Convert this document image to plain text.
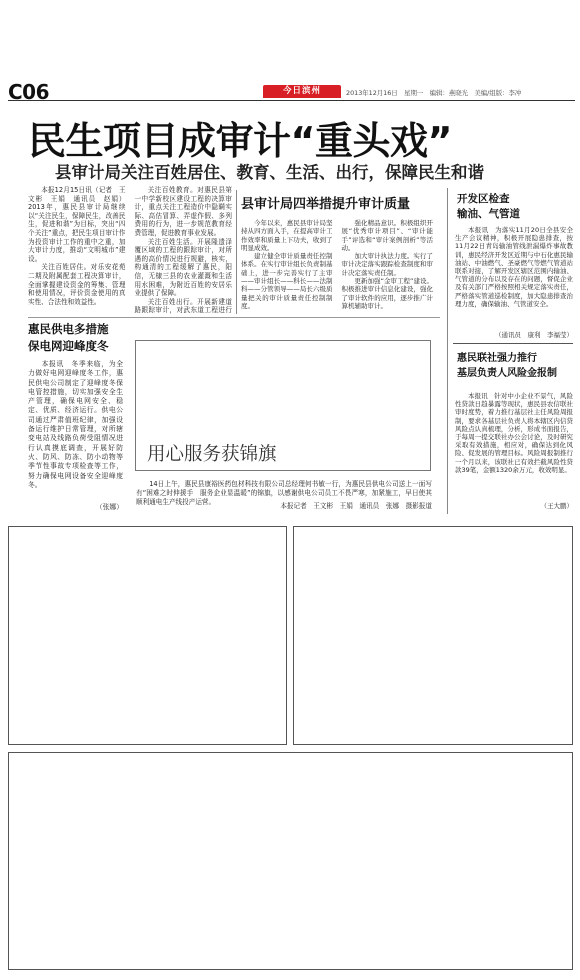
C06	今日滨州	2013年12月16日　星期一　编辑：燕晓光　美编/组版：李冲
民生项目成审计“重头戏”
县审计局关注百姓居住、教育、生活、出行，保障民生和谐

本报12月15日讯（记者　王文彬　王娟　通讯员　赵娟）2013年，惠民县审计局继续以“关注民生，保障民生，改善民生，促进和谐”为目标，突出“四个关注”重点，把民生项目审计作为投资审计工作的重中之重，加大审计力度，推动“文明城市”建设。

关注百姓居住。对乐安花苑二期及附属配套工程决算审计，全面掌握建设资金的筹集、管理和使用情况，评价资金使用的真实性、合法性和效益性。

关注百姓教育。对惠民县第一中学新校区建设工程的决算审计，重点关注工程造价中隐瞒实际、高估冒算、弄虚作假、多列费用的行为，进一步规范教育经费管理，促进教育事业发展。

关注百姓生活。开展隆遗泽覆区域的工程的跟踪审计，对所遇的高价情况进行规避，核实，构通清的工程缓解了惠民，阳信，无棣三县的农业灌溉和生活用水困难，为附近百姓的安居乐业提供了保障。

关注百姓出行。开展新建道路跟踪审计，对武东道工程进行

县审计局四举措提升审计质量

今年以来，惠民县审计局坚持从四方面入手，在提高审计工作效率和质量上下功夫，收到了明显成效。

建立健全审计质量责任控制体系。在实行审计组长负责制基础上，进一步完善实行了主审——审计组长——科长——法制科——分管领导——局长六级质量把关的审计质量责任控制制度。

强化精品意识。积极组织开展“优秀审计项目”、“审计能手”评选和“审计案例剖析”等活动。

加大审计执法力度。实行了审计决定落实跟踪检查制度和审计决定落实责任制。

更新加强“金审工程”建设。积极推进审计信息化建设，强化了审计软件的应用，逐步推广计算机辅助审计。

开发区检查
输油、气管道

本报讯　为落实11月20日全县安全生产会议精神，积极开展隐患排查，按11月22日青岛输油管线泄漏爆炸事故教训，惠民经济开发区近期与中石化惠民输油站、中油燃气、圣豪燃气等燃气管道站联系对接，了解开发区辖区范围内输油、气管道的分布以及存在的问题，督促企业及有关部门严格按照相关规定落实责任，严格落实管道巡检制度，加大隐患排查治理力度，确保输油、气管道安全。

（通讯员　康利　李福莹）
惠民联社强力推行
基层负责人风险金报制

本报讯　针对中小企业不景气，风险性贷款日趋暴露等现状，惠民县农信联社审时度势，着力推行基层社主任风险周报制，要求各基层社负责人将本辖区内信贷风险点认真梳理，分析，形成书面报告，于每周一提交联社办公会讨论，及时研究采取有效措施，相应对，确保达到化风险、促发展的管理目标。风险周报制推行一个月以来，该联社已有效拦截风险性贷款39笔，金额1320余万元，收效明显。

（王大鹏）
惠民供电多措施
保电网迎峰度冬

本报讯　冬季来临，为全力做好电网迎峰度冬工作，惠民供电公司制定了迎峰度冬保电管控措施，切实加强安全生产管理，确保电网安全、稳定、优质、经济运行。供电公司通过严肃值班纪律，加强设备运行维护日常管理，对所辖变电站及线路负荷受阻情况进行认真摸底调查，开展好防火、防风、防冻、防小动物等季节性事故专项检查等工作，努力确保电网设备安全迎峰度冬。

（张娜）
用心服务获锦旗

14日上午，惠民县康裕医药包材科技有限公司总经理何书敏一行，为惠民县供电公司送上一面写有“困难之时伸援手　服务企业显温暖”的锦旗，以感谢供电公司员工不畏严寒，加紧施工，早日使其顺利通电生产线投产运营。	本报记者　王文彬　王娟　通讯员　张娜　摄影报道
